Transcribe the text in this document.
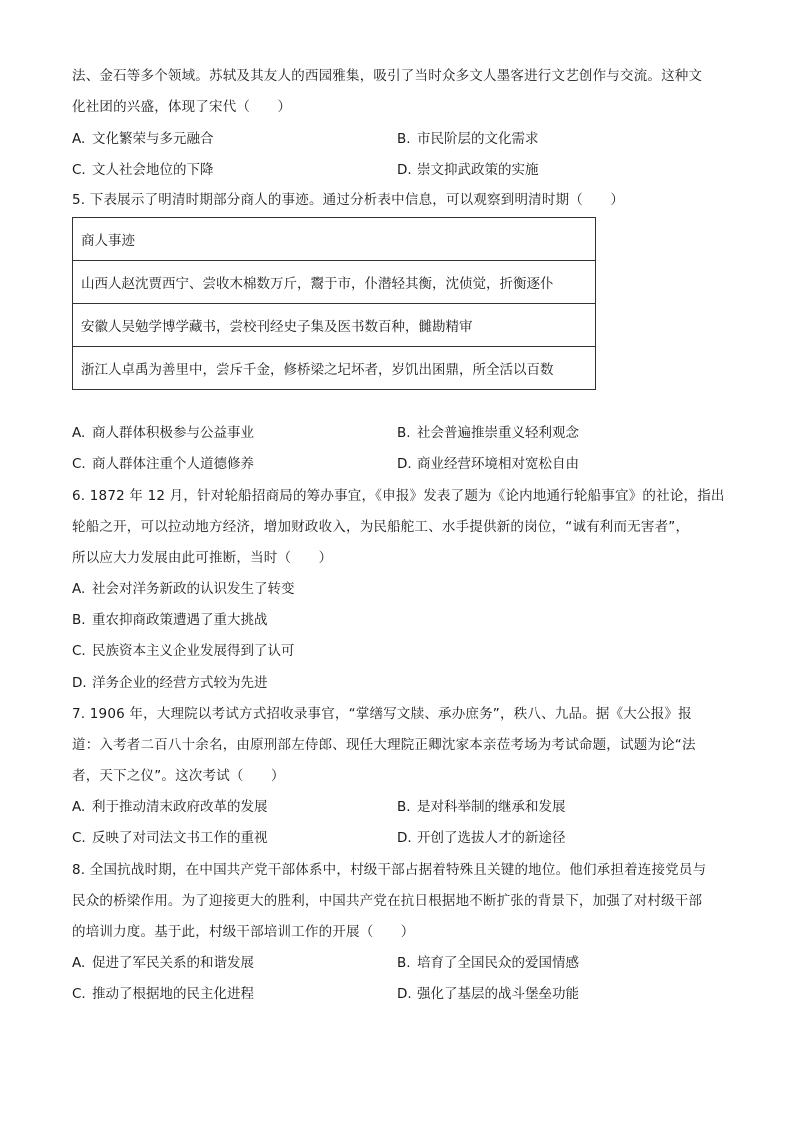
法、金石等多个领域。苏轼及其友人的西园雅集，吸引了当时众多文人墨客进行文艺创作与交流。这种文
化社团的兴盛，体现了宋代（　　）
A. 文化繁荣与多元融合	B. 市民阶层的文化需求
C. 文人社会地位的下降	D. 崇文抑武政策的实施
5. 下表展示了明清时期部分商人的事迹。通过分析表中信息，可以观察到明清时期（　　）
商人事迹
山西人赵沈贾西宁、尝收木棉数万斤，鬻于市，仆潜轻其衡，沈侦觉，折衡逐仆
安徽人吴勉学博学藏书，尝校刊经史子集及医书数百种，雠勘精审
浙江人卓禹为善里中，尝斥千金，修桥梁之圮坏者，岁饥出囷鼎，所全活以百数
A. 商人群体积极参与公益事业	B. 社会普遍推崇重义轻利观念
C. 商人群体注重个人道德修养	D. 商业经营环境相对宽松自由
6. 1872 年 12 月，针对轮船招商局的筹办事宜，《申报》发表了题为《论内地通行轮船事宜》的社论，指出
轮船之开，可以拉动地方经济，增加财政收入，为民船舵工、水手提供新的岗位，“诚有利而无害者”，
所以应大力发展由此可推断，当时（　　）
A. 社会对洋务新政的认识发生了转变
B. 重农抑商政策遭遇了重大挑战
C. 民族资本主义企业发展得到了认可
D. 洋务企业的经营方式较为先进
7. 1906 年，大理院以考试方式招收录事官，“掌缮写文牍、承办庶务”，秩八、九品。据《大公报》报
道：入考者二百八十余名，由原刑部左侍郎、现任大理院正卿沈家本亲莅考场为考试命题，试题为论“法
者，天下之仪”。这次考试（　　）
A. 利于推动清末政府改革的发展	B. 是对科举制的继承和发展
C. 反映了对司法文书工作的重视	D. 开创了选拔人才的新途径
8. 全国抗战时期，在中国共产党干部体系中，村级干部占据着特殊且关键的地位。他们承担着连接党员与
民众的桥梁作用。为了迎接更大的胜利，中国共产党在抗日根据地不断扩张的背景下，加强了对村级干部
的培训力度。基于此，村级干部培训工作的开展（　　）
A. 促进了军民关系的和谐发展	B. 培育了全国民众的爱国情感
C. 推动了根据地的民主化进程	D. 强化了基层的战斗堡垒功能
